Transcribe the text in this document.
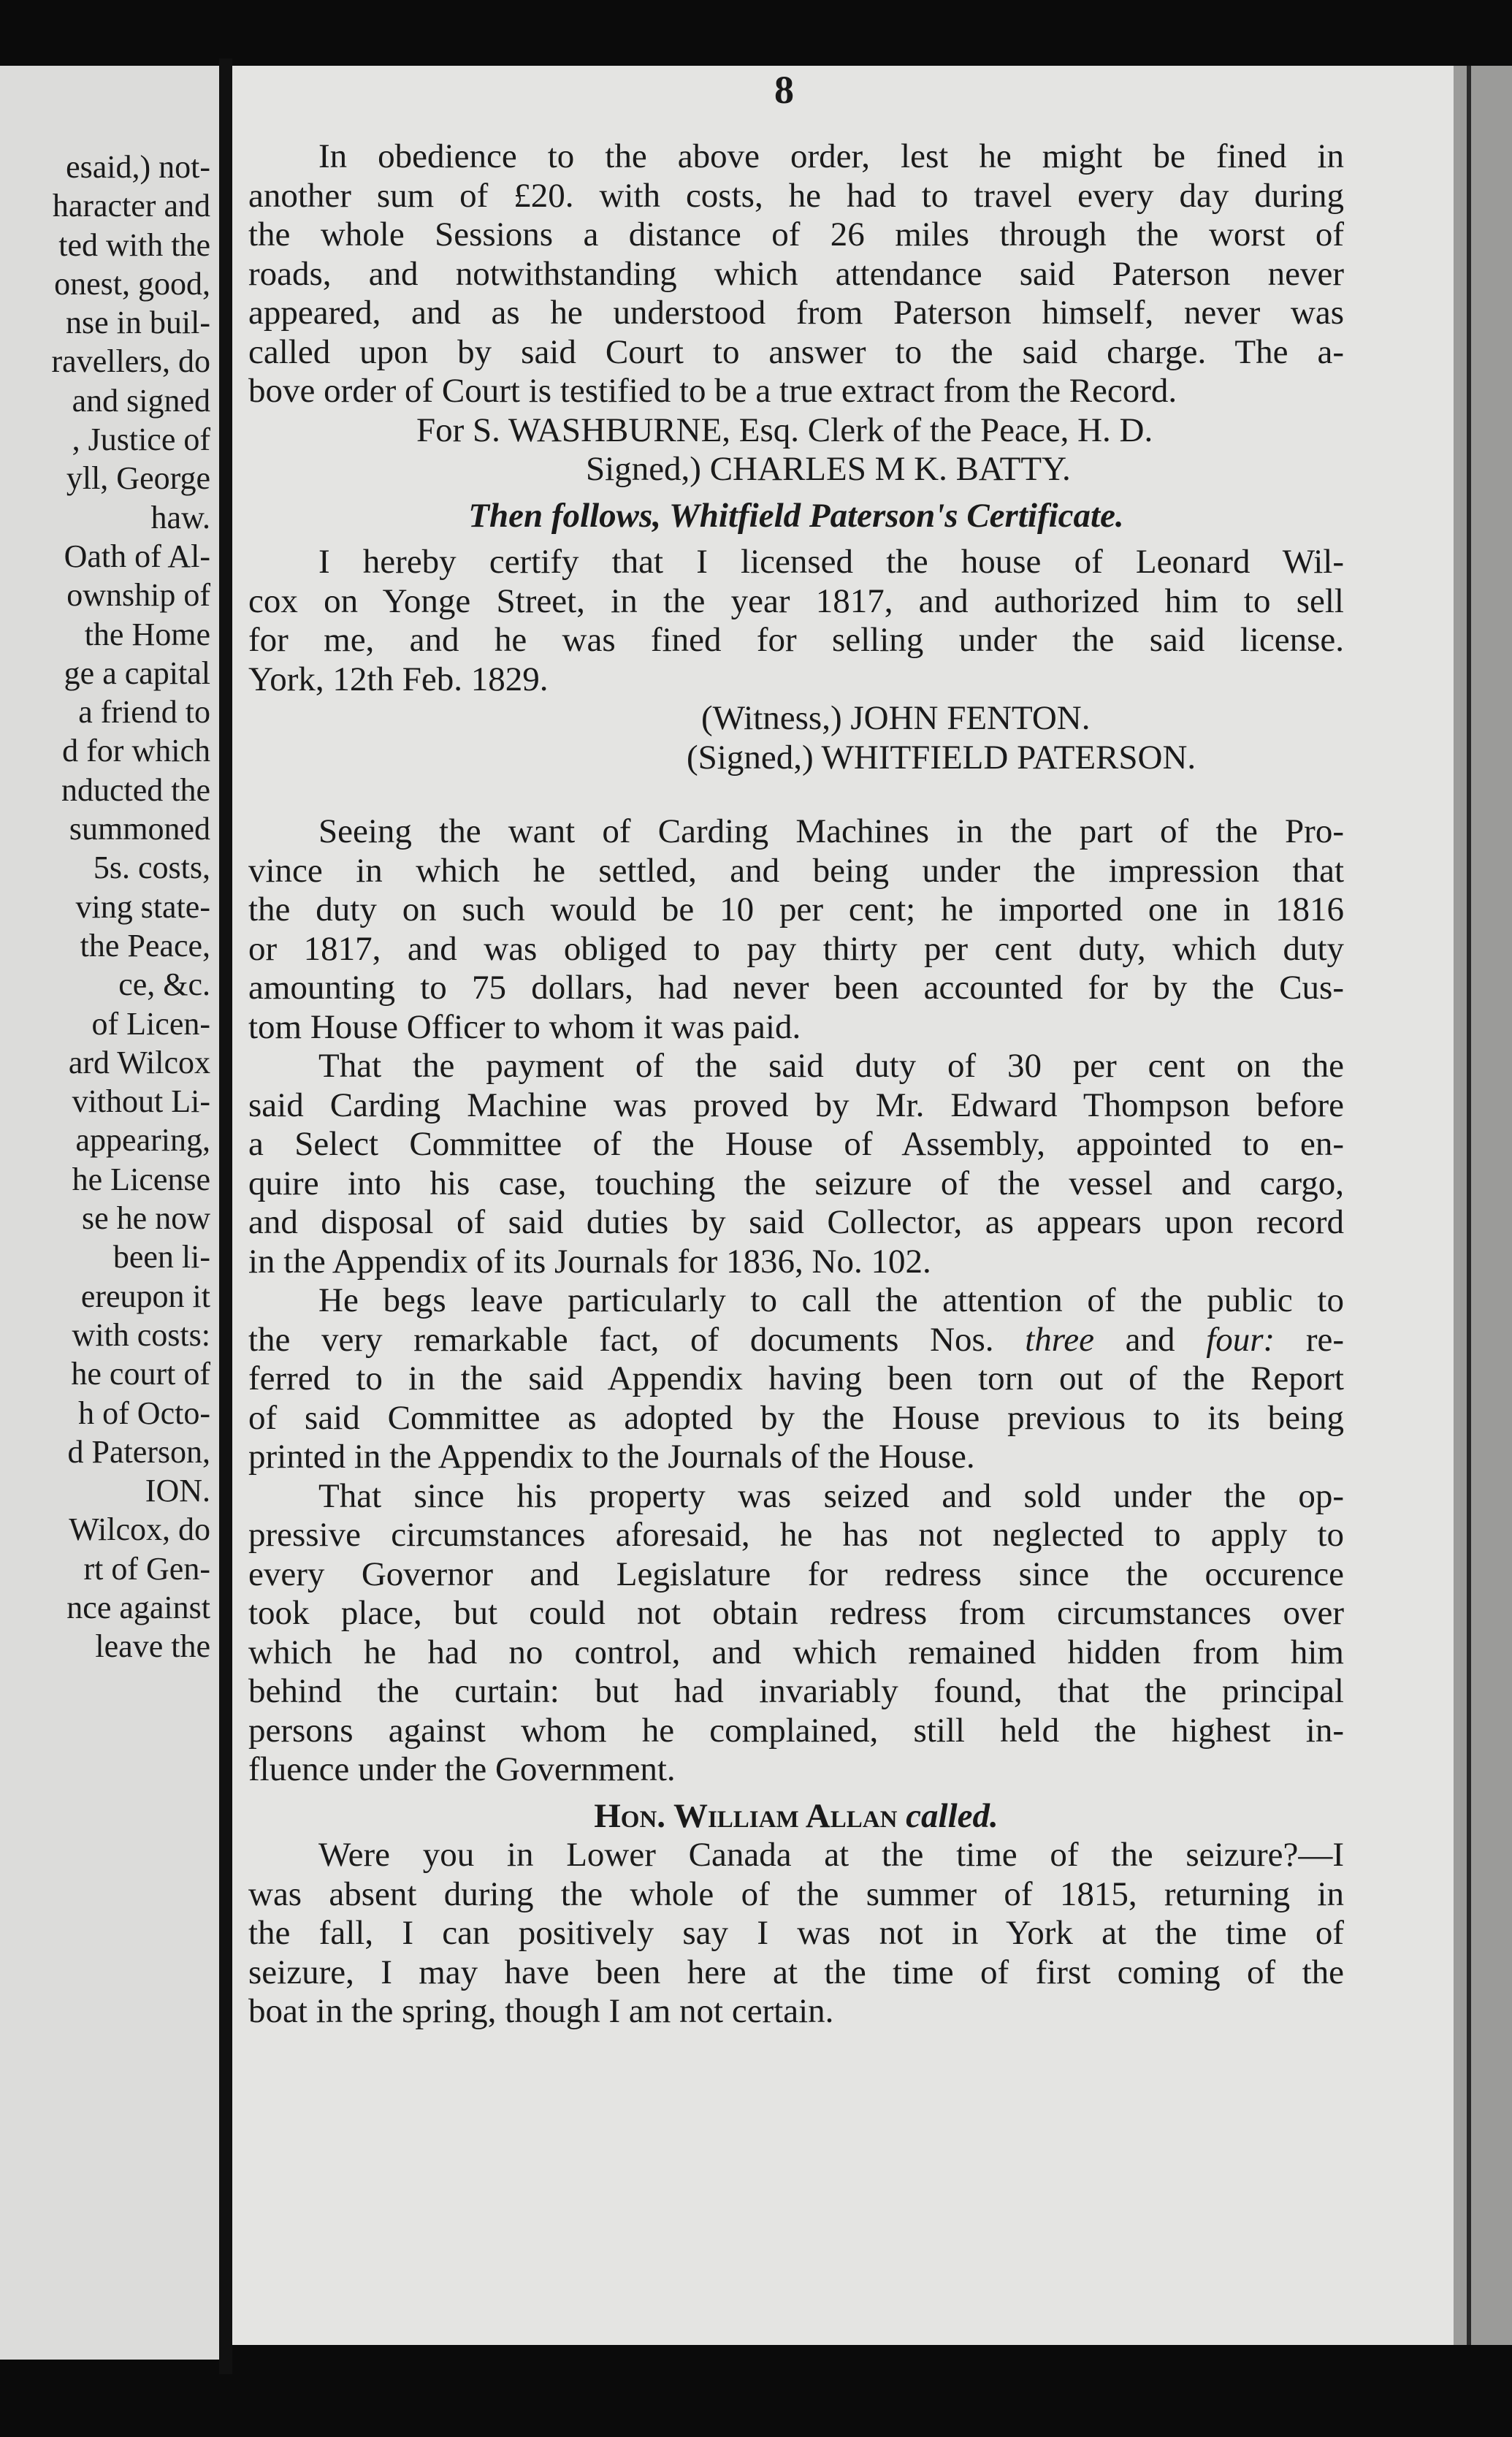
esaid,) not-
haracter and
ted with the
onest, good,
nse in buil-
ravellers, do
and signed
, Justice of
yll, George
haw.
Oath of Al-
ownship of
the Home
ge a capital
a friend to
d for which
nducted the
summoned
5s. costs,
ving state-
the Peace,
ce, &c.
of Licen-
ard Wilcox
vithout Li-
appearing,
he License
se he now
been li-
ereupon it
with costs:
he court of
h of Octo-
d Paterson,
ION.
Wilcox, do
rt of Gen-
nce against
leave the
8
In obedience to the above order, lest he might be fined in
another sum of £20. with costs, he had to travel every day during
the whole Sessions a distance of 26 miles through the worst of
roads, and notwithstanding which attendance said Paterson never
appeared, and as he understood from Paterson himself, never was
called upon by said Court to answer to the said charge. The a-
bove order of Court is testified to be a true extract from the Record.
For S. WASHBURNE, Esq. Clerk of the Peace, H. D.
Signed,) CHARLES M K. BATTY.
Then follows, Whitfield Paterson's Certificate.
I hereby certify that I licensed the house of Leonard Wil-
cox on Yonge Street, in the year 1817, and authorized him to sell
for me, and he was fined for selling under the said license.
York, 12th Feb. 1829.
(Witness,) JOHN FENTON.
(Signed,) WHITFIELD PATERSON.
Seeing the want of Carding Machines in the part of the Pro-
vince in which he settled, and being under the impression that
the duty on such would be 10 per cent; he imported one in 1816
or 1817, and was obliged to pay thirty per cent duty, which duty
amounting to 75 dollars, had never been accounted for by the Cus-
tom House Officer to whom it was paid.
That the payment of the said duty of 30 per cent on the
said Carding Machine was proved by Mr. Edward Thompson before
a Select Committee of the House of Assembly, appointed to en-
quire into his case, touching the seizure of the vessel and cargo,
and disposal of said duties by said Collector, as appears upon record
in the Appendix of its Journals for 1836, No. 102.
He begs leave particularly to call the attention of the public to
the very remarkable fact, of documents Nos. three and four: re-
ferred to in the said Appendix having been torn out of the Report
of said Committee as adopted by the House previous to its being
printed in the Appendix to the Journals of the House.
That since his property was seized and sold under the op-
pressive circumstances aforesaid, he has not neglected to apply to
every Governor and Legislature for redress since the occurence
took place, but could not obtain redress from circumstances over
which he had no control, and which remained hidden from him
behind the curtain: but had invariably found, that the principal
persons against whom he complained, still held the highest in-
fluence under the Government.
Hon. William Allan called.
Were you in Lower Canada at the time of the seizure?—I
was absent during the whole of the summer of 1815, returning in
the fall, I can positively say I was not in York at the time of
seizure, I may have been here at the time of first coming of the
boat in the spring, though I am not certain.
